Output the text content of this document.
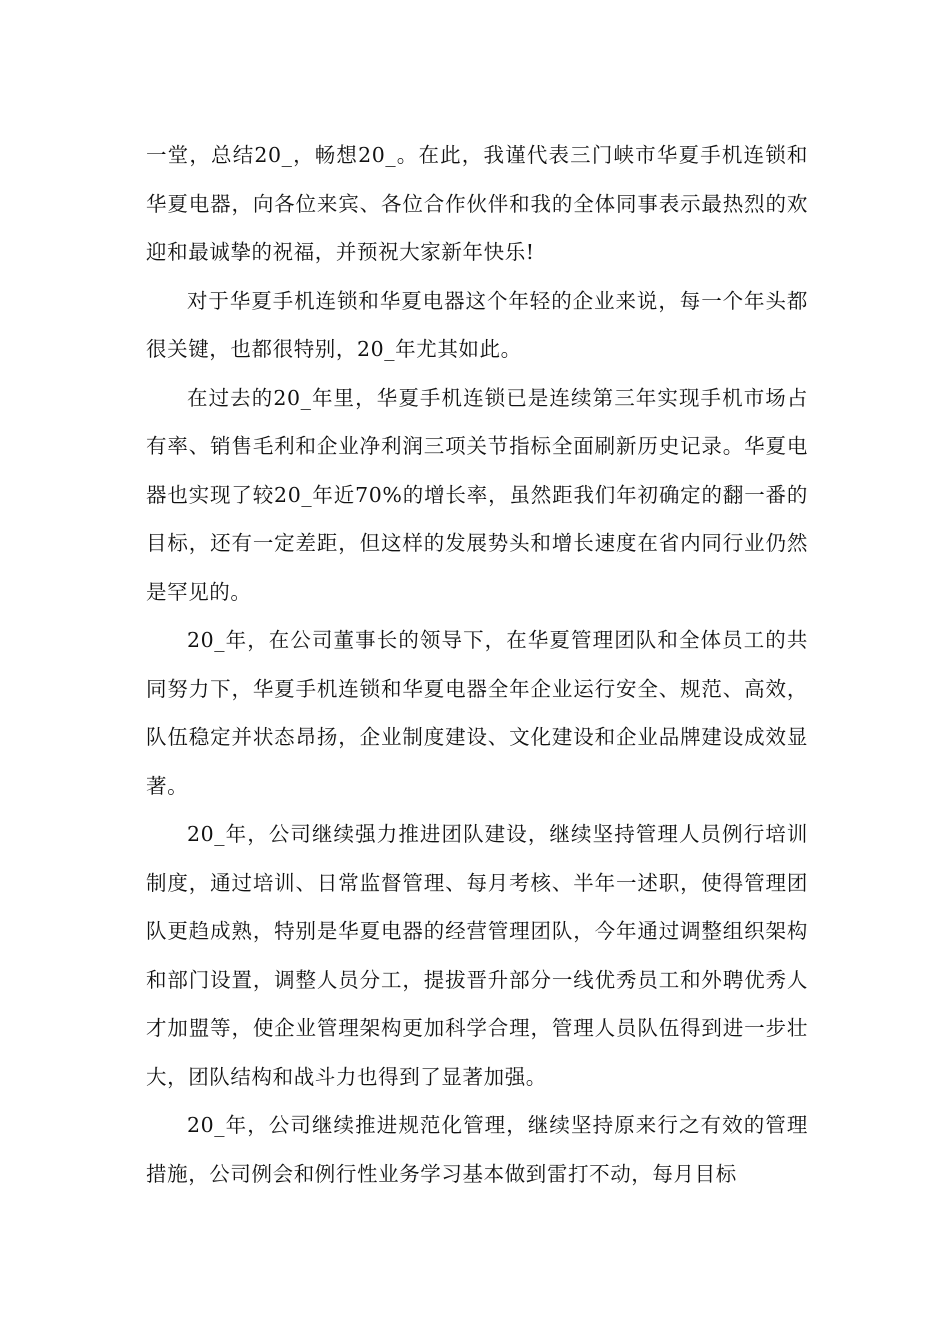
一堂，总结20_，畅想20_。在此，我谨代表三门峡市华夏手机连锁和华夏电器，向各位来宾、各位合作伙伴和我的全体同事表示最热烈的欢迎和最诚挚的祝福，并预祝大家新年快乐!

对于华夏手机连锁和华夏电器这个年轻的企业来说，每一个年头都很关键，也都很特别，20_年尤其如此。

在过去的20_年里，华夏手机连锁已是连续第三年实现手机市场占有率、销售毛利和企业净利润三项关节指标全面刷新历史记录。华夏电器也实现了较20_年近70%的增长率，虽然距我们年初确定的翻一番的目标，还有一定差距，但这样的发展势头和增长速度在省内同行业仍然是罕见的。

20_年，在公司董事长的领导下，在华夏管理团队和全体员工的共同努力下，华夏手机连锁和华夏电器全年企业运行安全、规范、高效，队伍稳定并状态昂扬，企业制度建设、文化建设和企业品牌建设成效显著。

20_年，公司继续强力推进团队建设，继续坚持管理人员例行培训制度，通过培训、日常监督管理、每月考核、半年一述职，使得管理团队更趋成熟，特别是华夏电器的经营管理团队，今年通过调整组织架构和部门设置，调整人员分工，提拔晋升部分一线优秀员工和外聘优秀人才加盟等，使企业管理架构更加科学合理，管理人员队伍得到进一步壮大，团队结构和战斗力也得到了显著加强。

20_年，公司继续推进规范化管理，继续坚持原来行之有效的管理措施，公司例会和例行性业务学习基本做到雷打不动，每月目标
